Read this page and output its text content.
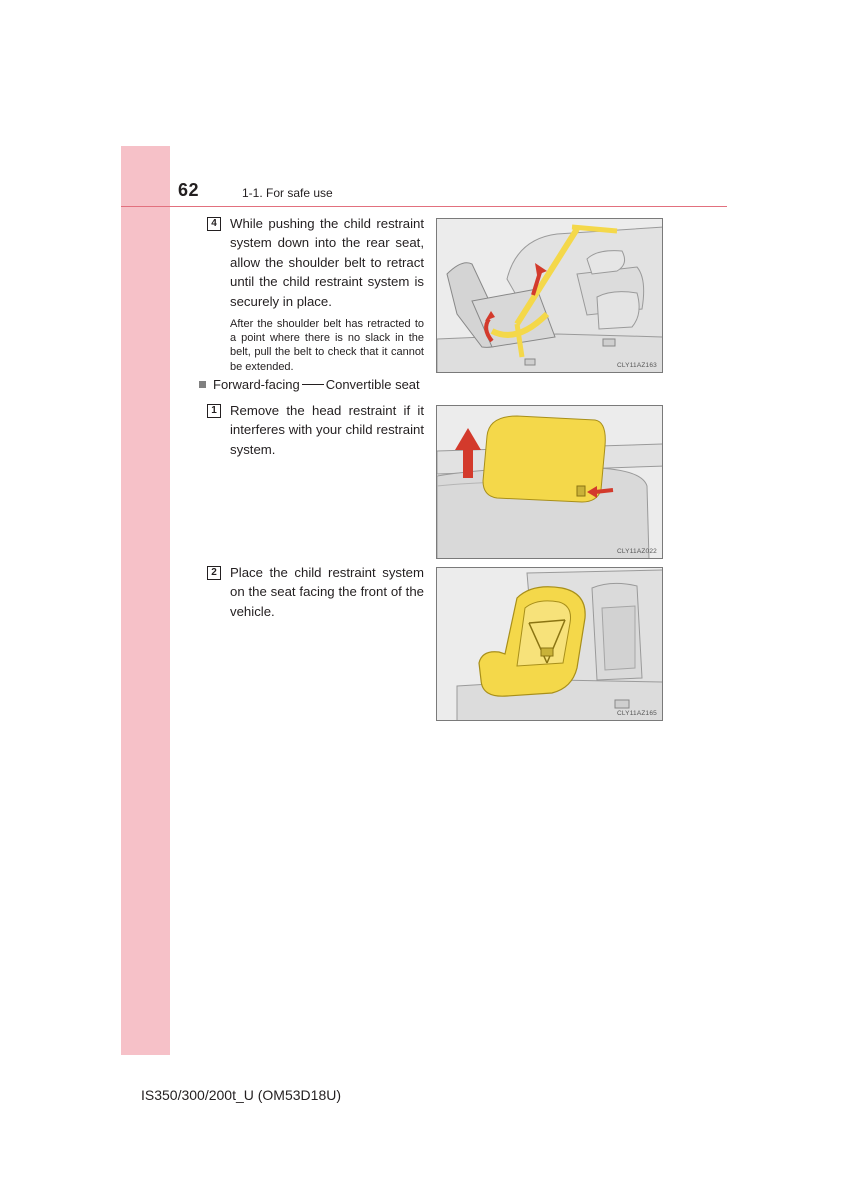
62	1-1. For safe use
4	While pushing the child restraint system down into the rear seat, allow the shoulder belt to retract until the child restraint system is securely in place.
After the shoulder belt has retracted to a point where there is no slack in the belt, pull the belt to check that it cannot be extended.	CLY11AZ163
Forward-facing Convertible seat
1	Remove the head restraint if it interferes with your child restraint system.
CLY11AZ022
2	Place the child restraint system on the seat facing the front of the vehicle.
CLY11AZ165
IS350/300/200t_U (OM53D18U)
